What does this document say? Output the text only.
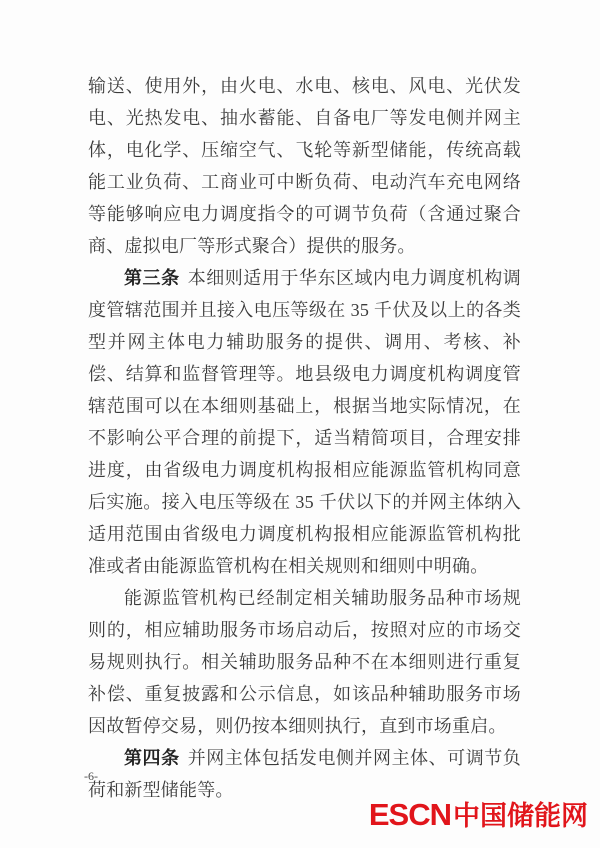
输送、使用外，由火电、水电、核电、风电、光伏发电、光热发电、抽水蓄能、自备电厂等发电侧并网主体，电化学、压缩空气、飞轮等新型储能，传统高载能工业负荷、工商业可中断负荷、电动汽车充电网络等能够响应电力调度指令的可调节负荷（含通过聚合商、虚拟电厂等形式聚合）提供的服务。

第三条 本细则适用于华东区域内电力调度机构调度管辖范围并且接入电压等级在 35 千伏及以上的各类型并网主体电力辅助服务的提供、调用、考核、补偿、结算和监督管理等。地县级电力调度机构调度管辖范围可以在本细则基础上，根据当地实际情况，在不影响公平合理的前提下，适当精简项目，合理安排进度，由省级电力调度机构报相应能源监管机构同意后实施。接入电压等级在 35 千伏以下的并网主体纳入适用范围由省级电力调度机构报相应能源监管机构批准或者由能源监管机构在相关规则和细则中明确。

能源监管机构已经制定相关辅助服务品种市场规则的，相应辅助服务市场启动后，按照对应的市场交易规则执行。相关辅助服务品种不在本细则进行重复补偿、重复披露和公示信息，如该品种辅助服务市场因故暂停交易，则仍按本细则执行，直到市场重启。

第四条 并网主体包括发电侧并网主体、可调节负荷和新型储能等。

-6-
ESCN 中国储能网
